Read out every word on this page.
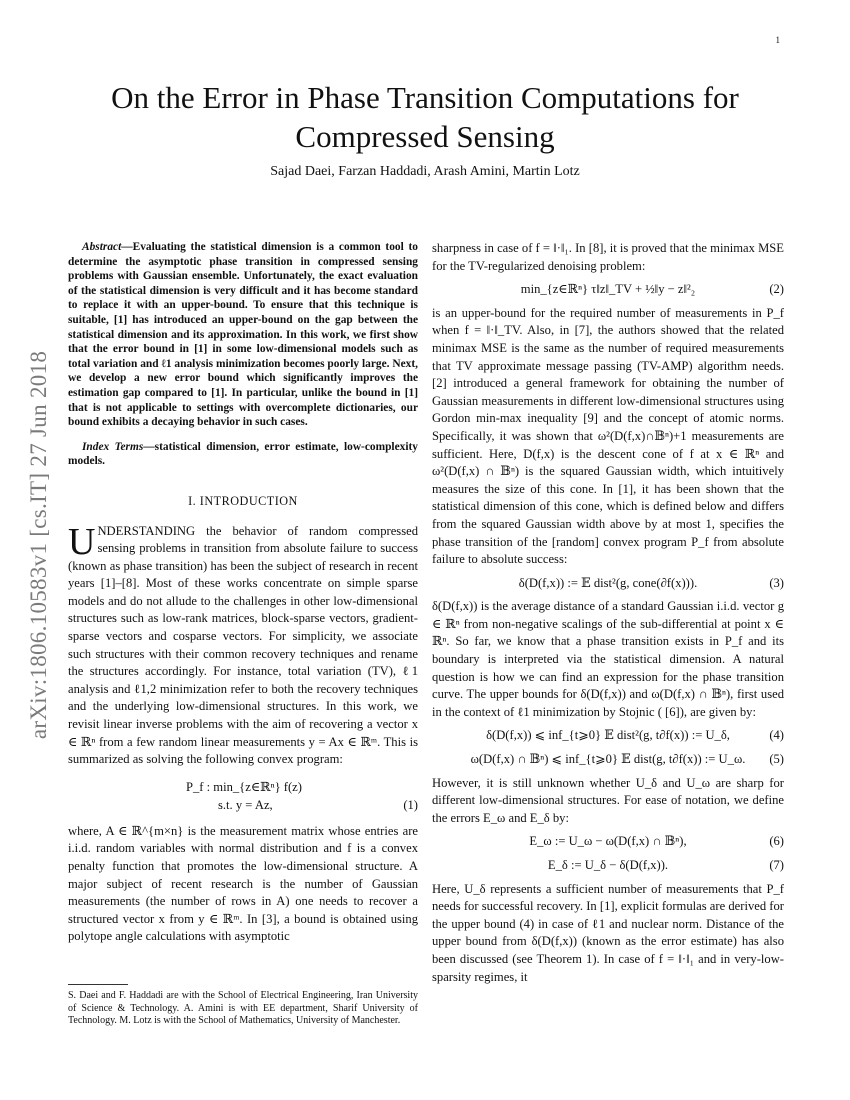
1
arXiv:1806.10583v1 [cs.IT] 27 Jun 2018
On the Error in Phase Transition Computations for Compressed Sensing
Sajad Daei, Farzan Haddadi, Arash Amini, Martin Lotz

Abstract—Evaluating the statistical dimension is a common tool to determine the asymptotic phase transition in compressed sensing problems with Gaussian ensemble. Unfortunately, the exact evaluation of the statistical dimension is very difficult and it has become standard to replace it with an upper-bound. To ensure that this technique is suitable, [1] has introduced an upper-bound on the gap between the statistical dimension and its approximation. In this work, we first show that the error bound in [1] in some low-dimensional models such as total variation and ℓ1 analysis minimization becomes poorly large. Next, we develop a new error bound which significantly improves the estimation gap compared to [1]. In particular, unlike the bound in [1] that is not applicable to settings with overcomplete dictionaries, our bound exhibits a decaying behavior in such cases.

Index Terms—statistical dimension, error estimate, low-complexity models.

I. INTRODUCTION

UNDERSTANDING the behavior of random compressed sensing problems in transition from absolute failure to success (known as phase transition) has been the subject of research in recent years [1]–[8]. Most of these works concentrate on simple sparse models and do not allude to the challenges in other low-dimensional structures such as low-rank matrices, block-sparse vectors, gradient-sparse vectors and cosparse vectors. For simplicity, we associate such structures with their common recovery techniques and rename the structures accordingly. For instance, total variation (TV), ℓ1 analysis and ℓ1,2 minimization refer to both the recovery techniques and the underlying low-dimensional structures. In this work, we revisit linear inverse problems with the aim of recovering a vector x ∈ ℝⁿ from a few random linear measurements y = Ax ∈ ℝᵐ. This is summarized as solving the following convex program:

P_f : min_{z∈ℝⁿ} f(z)
s.t. y = Az,	(1)

where, A ∈ ℝ^{m×n} is the measurement matrix whose entries are i.i.d. random variables with normal distribution and f is a convex penalty function that promotes the low-dimensional structure. A major subject of recent research is the number of Gaussian measurements (the number of rows in A) one needs to recover a structured vector x from y ∈ ℝᵐ. In [3], a bound is obtained using polytope angle calculations with asymptotic

S. Daei and F. Haddadi are with the School of Electrical Engineering, Iran University of Science & Technology. A. Amini is with EE department, Sharif University of Technology. M. Lotz is with the School of Mathematics, University of Manchester.

sharpness in case of f = ‖·‖₁. In [8], it is proved that the minimax MSE for the TV-regularized denoising problem:

min_{z∈ℝⁿ} τ‖z‖_TV + ½‖y − z‖²₂	(2)

is an upper-bound for the required number of measurements in P_f when f = ‖·‖_TV. Also, in [7], the authors showed that the related minimax MSE is the same as the number of required measurements that TV approximate message passing (TV-AMP) algorithm needs. [2] introduced a general framework for obtaining the number of Gaussian measurements in different low-dimensional structures using Gordon min-max inequality [9] and the concept of atomic norms. Specifically, it was shown that ω²(D(f,x)∩𝔹ⁿ)+1 measurements are sufficient. Here, D(f,x) is the descent cone of f at x ∈ ℝⁿ and ω²(D(f,x) ∩ 𝔹ⁿ) is the squared Gaussian width, which intuitively measures the size of this cone. In [1], it has been shown that the statistical dimension of this cone, which is defined below and differs from the squared Gaussian width above by at most 1, specifies the phase transition of the [random] convex program P_f from absolute failure to absolute success:

δ(D(f,x)) := 𝔼 dist²(g, cone(∂f(x))).	(3)

δ(D(f,x)) is the average distance of a standard Gaussian i.i.d. vector g ∈ ℝⁿ from non-negative scalings of the sub-differential at point x ∈ ℝⁿ. So far, we know that a phase transition exists in P_f and its boundary is interpreted via the statistical dimension. A natural question is how we can find an expression for the phase transition curve. The upper bounds for δ(D(f,x)) and ω(D(f,x) ∩ 𝔹ⁿ), first used in the context of ℓ1 minimization by Stojnic ( [6]), are given by:

δ(D(f,x)) ⩽ inf_{t⩾0} 𝔼 dist²(g, t∂f(x)) := U_δ,	(4)
ω(D(f,x) ∩ 𝔹ⁿ) ⩽ inf_{t⩾0} 𝔼 dist(g, t∂f(x)) := U_ω. (5)

However, it is still unknown whether U_δ and U_ω are sharp for different low-dimensional structures. For ease of notation, we define the errors E_ω and E_δ by:

E_ω := U_ω − ω(D(f,x) ∩ 𝔹ⁿ),	(6)
E_δ := U_δ − δ(D(f,x)).	(7)

Here, U_δ represents a sufficient number of measurements that P_f needs for successful recovery. In [1], explicit formulas are derived for the upper bound (4) in case of ℓ1 and nuclear norm. Distance of the upper bound from δ(D(f,x)) (known as the error estimate) has also been discussed (see Theorem 1). In case of f = ‖·‖₁ and in very-low-sparsity regimes, it
